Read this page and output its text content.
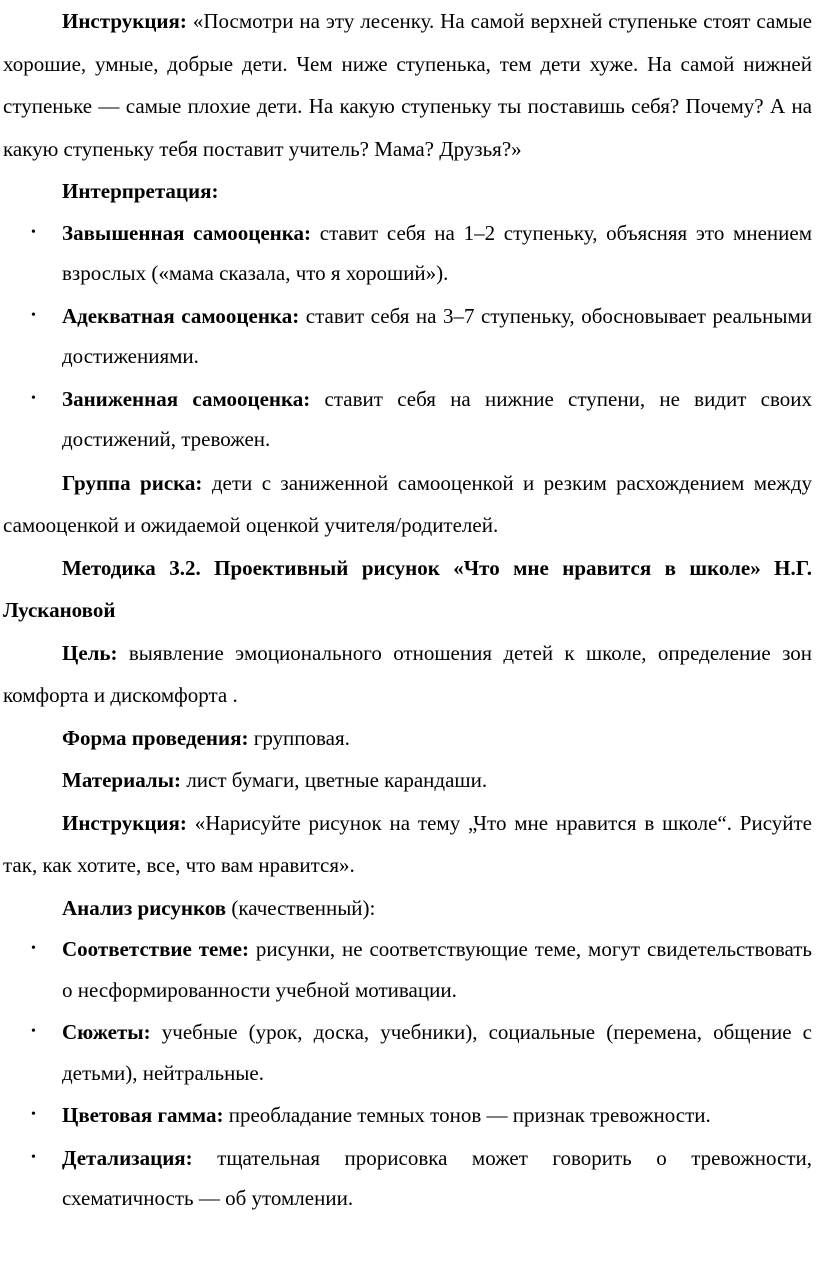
Инструкция: «Посмотри на эту лесенку. На самой верхней ступеньке стоят самые хорошие, умные, добрые дети. Чем ниже ступенька, тем дети хуже. На самой нижней ступеньке — самые плохие дети. На какую ступеньку ты поставишь себя? Почему? А на какую ступеньку тебя поставит учитель? Мама? Друзья?»

Интерпретация:

• Завышенная самооценка: ставит себя на 1–2 ступеньку, объясняя это мнением взрослых («мама сказала, что я хороший»).
• Адекватная самооценка: ставит себя на 3–7 ступеньку, обосновывает реальными достижениями.
• Заниженная самооценка: ставит себя на нижние ступени, не видит своих достижений, тревожен.

Группа риска: дети с заниженной самооценкой и резким расхождением между самооценкой и ожидаемой оценкой учителя/родителей.

Методика 3.2. Проективный рисунок «Что мне нравится в школе» Н.Г. Лускановой

Цель: выявление эмоционального отношения детей к школе, определение зон комфорта и дискомфорта .

Форма проведения: групповая.

Материалы: лист бумаги, цветные карандаши.

Инструкция: «Нарисуйте рисунок на тему „Что мне нравится в школе“. Рисуйте так, как хотите, все, что вам нравится».

Анализ рисунков (качественный):

• Соответствие теме: рисунки, не соответствующие теме, могут свидетельствовать о несформированности учебной мотивации.
• Сюжеты: учебные (урок, доска, учебники), социальные (перемена, общение с детьми), нейтральные.
• Цветовая гамма: преобладание темных тонов — признак тревожности.
• Детализация: тщательная прорисовка может говорить о тревожности, схематичность — об утомлении.
